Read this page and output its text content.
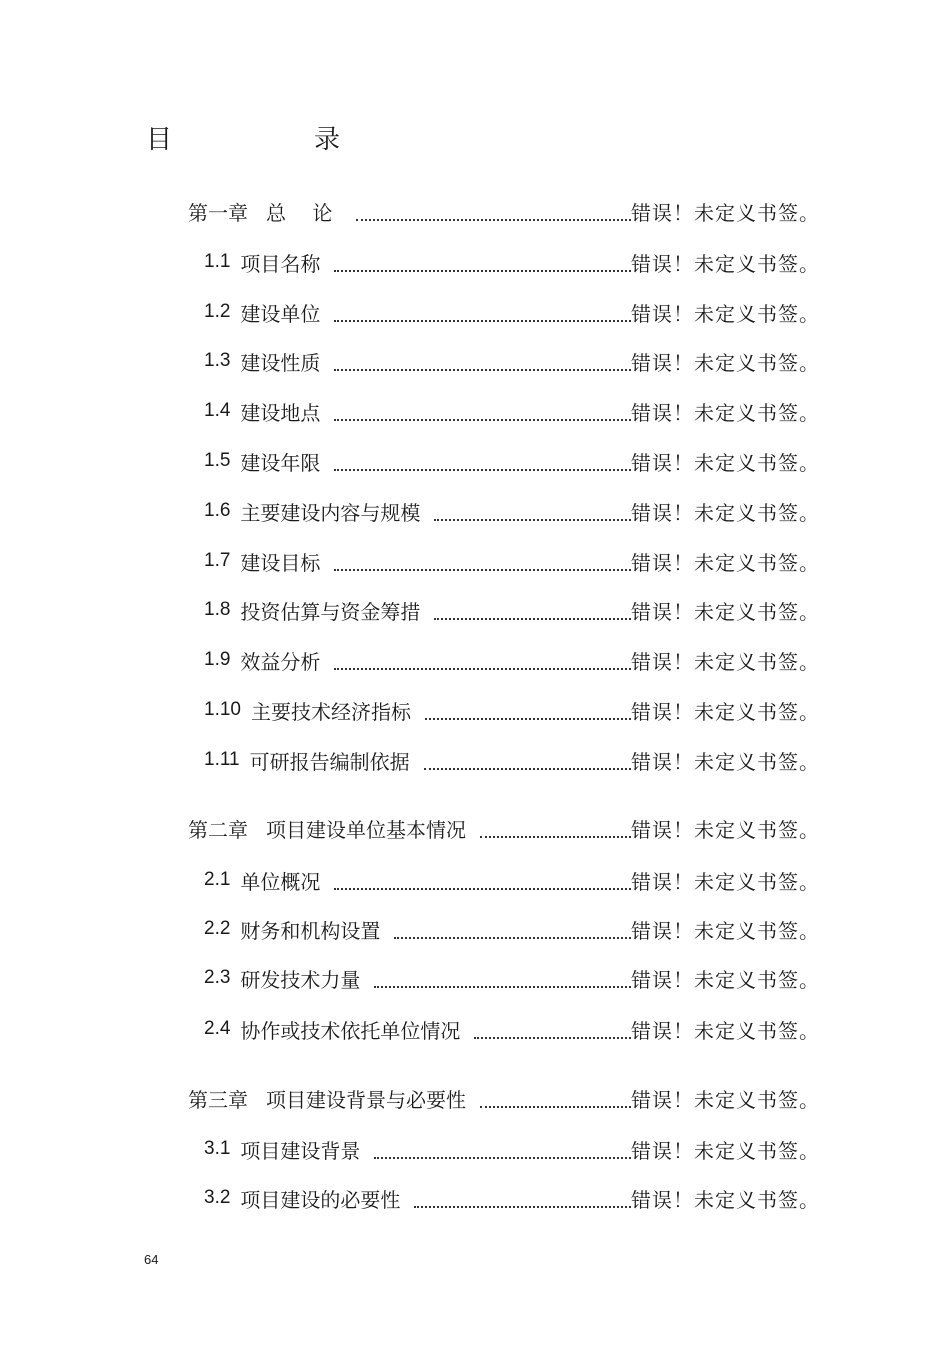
目　录
第一章 总 论	错误！未定义书签。
1.1 项目名称	错误！未定义书签。
1.2 建设单位	错误！未定义书签。
1.3 建设性质	错误！未定义书签。
1.4 建设地点	错误！未定义书签。
1.5 建设年限	错误！未定义书签。
1.6 主要建设内容与规模	错误！未定义书签。
1.7 建设目标	错误！未定义书签。
1.8 投资估算与资金筹措	错误！未定义书签。
1.9 效益分析	错误！未定义书签。
1.10 主要技术经济指标	错误！未定义书签。
1.11 可研报告编制依据	错误！未定义书签。
第二章 项目建设单位基本情况	错误！未定义书签。
2.1 单位概况	错误！未定义书签。
2.2 财务和机构设置	错误！未定义书签。
2.3 研发技术力量	错误！未定义书签。
2.4 协作或技术依托单位情况	错误！未定义书签。
第三章 项目建设背景与必要性	错误！未定义书签。
3.1 项目建设背景	错误！未定义书签。
3.2 项目建设的必要性	错误！未定义书签。
64
